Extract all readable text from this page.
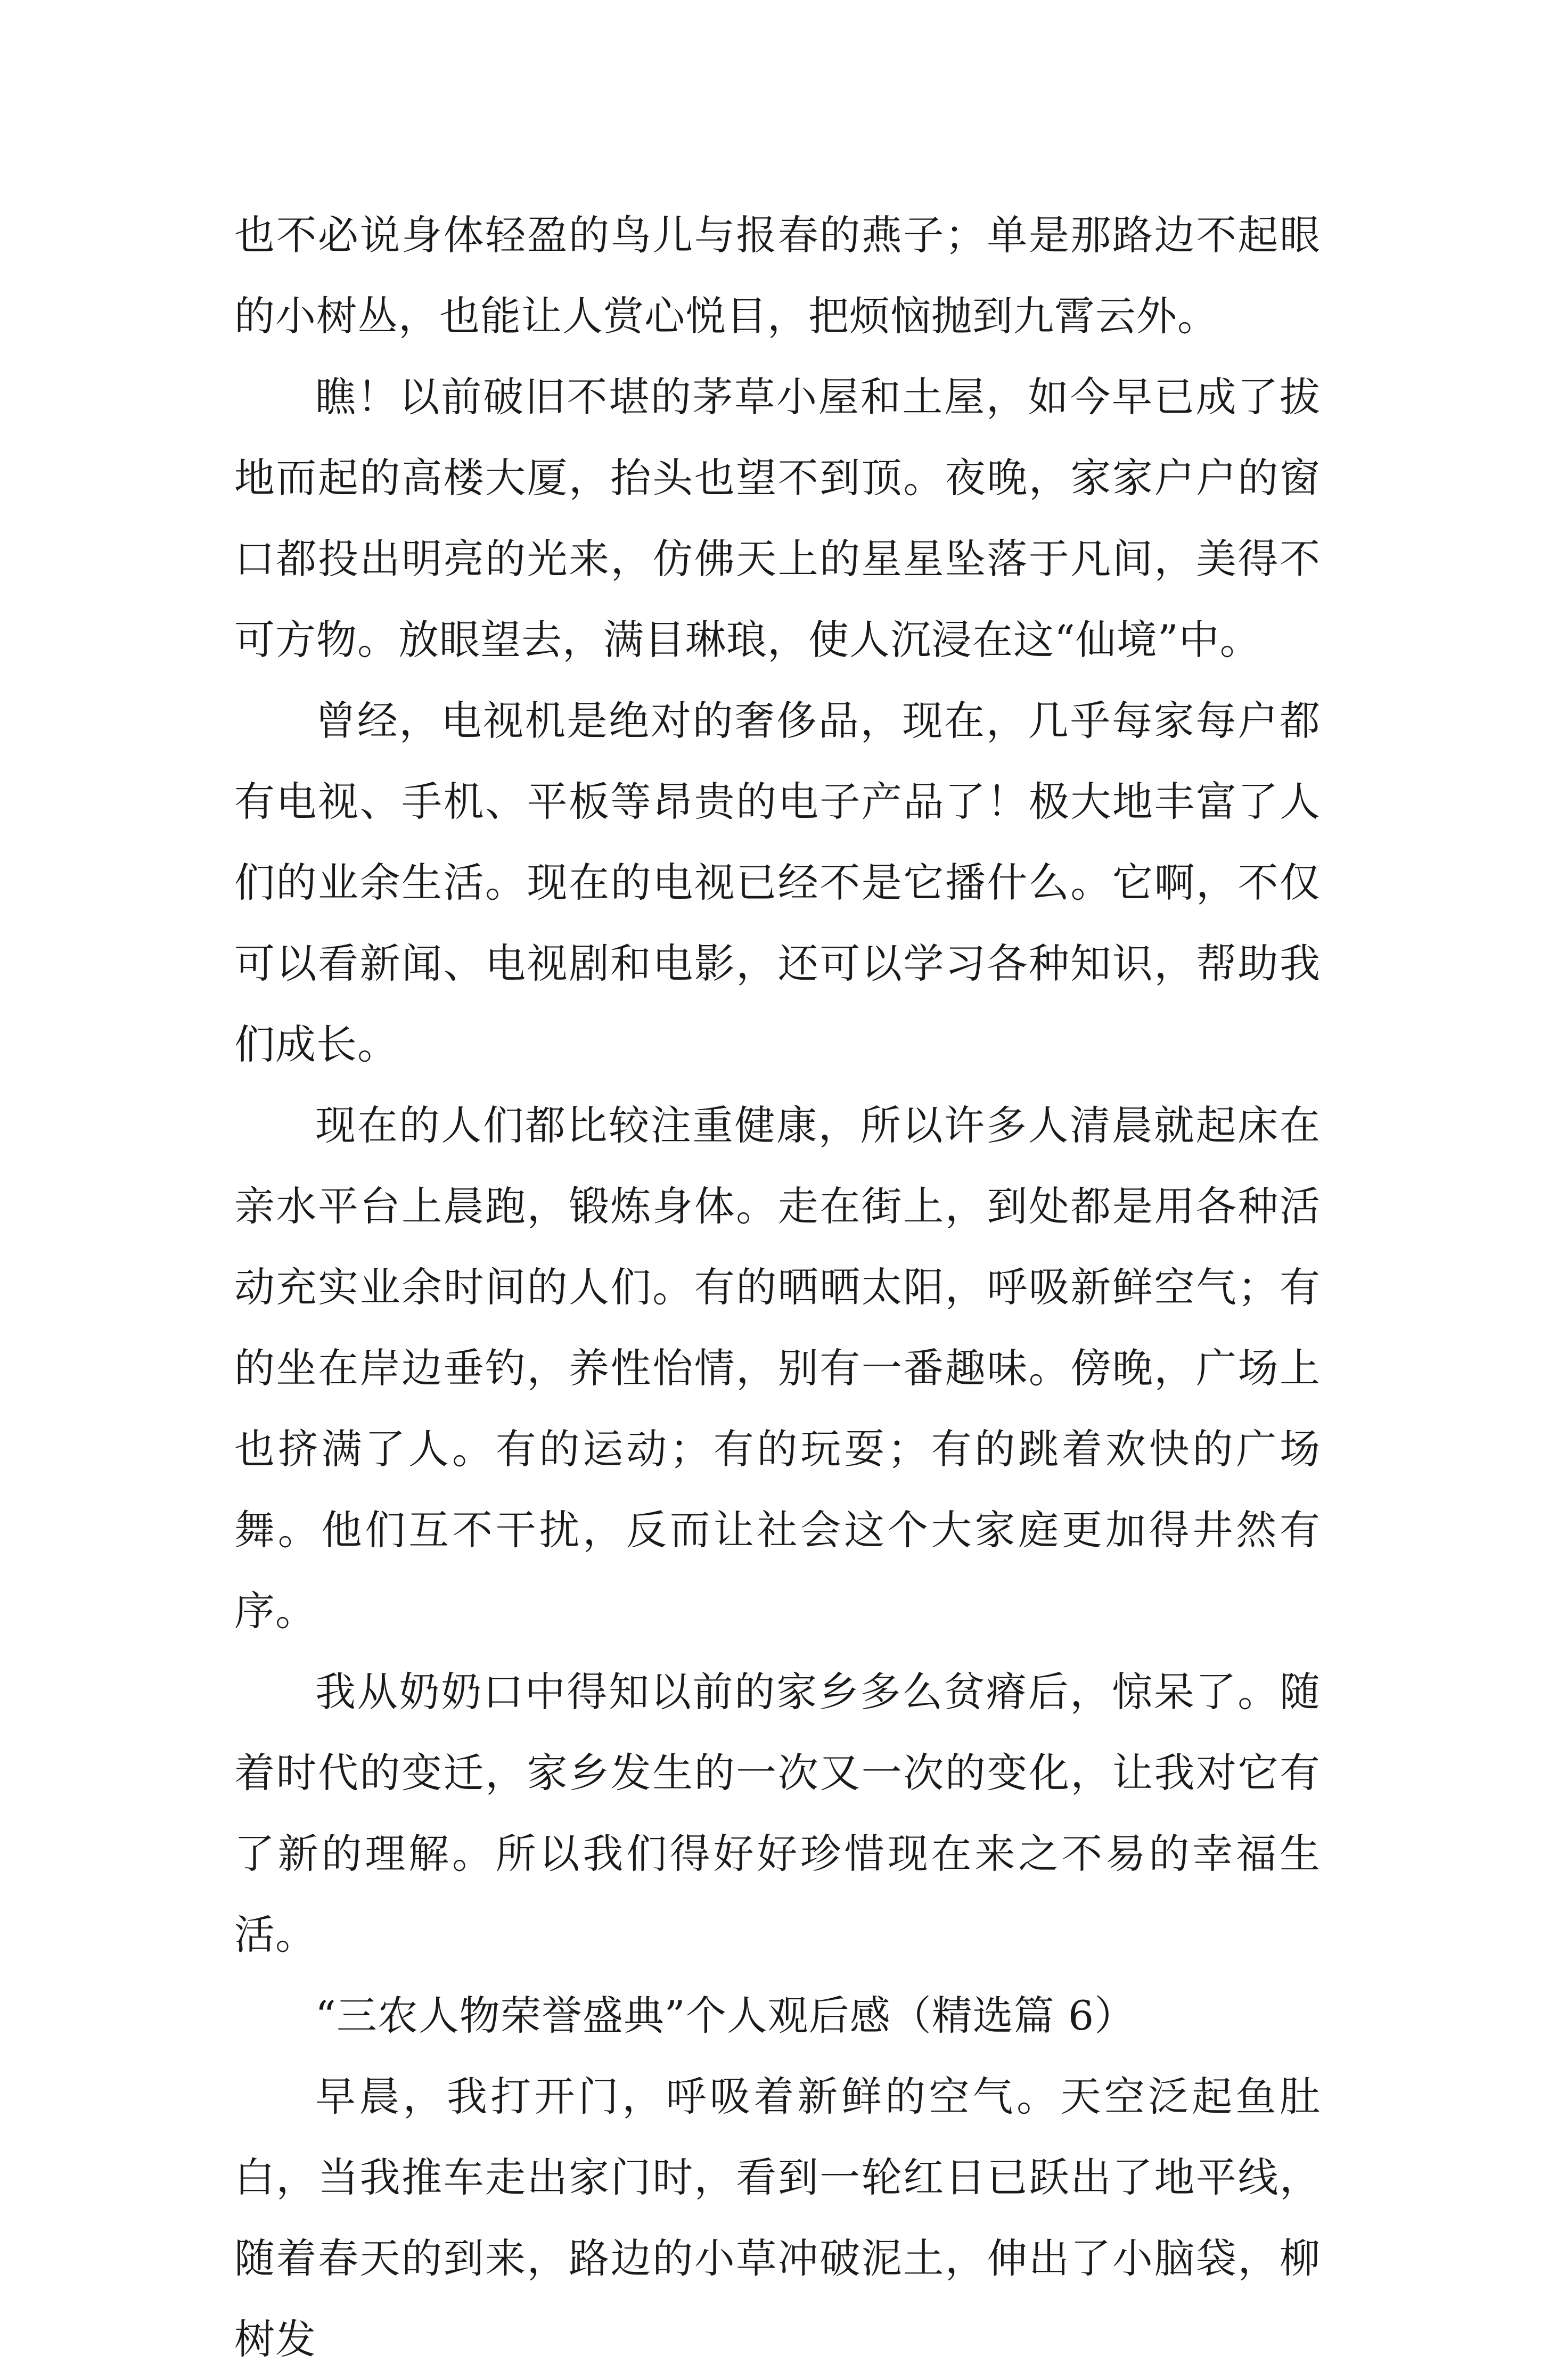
也不必说身体轻盈的鸟儿与报春的燕子；单是那路边不起眼的小树丛，也能让人赏心悦目，把烦恼抛到九霄云外。

瞧！以前破旧不堪的茅草小屋和土屋，如今早已成了拔地而起的高楼大厦，抬头也望不到顶。夜晚，家家户户的窗口都投出明亮的光来，仿佛天上的星星坠落于凡间，美得不可方物。放眼望去，满目琳琅，使人沉浸在这“仙境”中。

曾经，电视机是绝对的奢侈品，现在，几乎每家每户都有电视、手机、平板等昂贵的电子产品了！极大地丰富了人们的业余生活。现在的电视已经不是它播什么。它啊，不仅可以看新闻、电视剧和电影，还可以学习各种知识，帮助我们成长。

现在的人们都比较注重健康，所以许多人清晨就起床在亲水平台上晨跑，锻炼身体。走在街上，到处都是用各种活动充实业余时间的人们。有的晒晒太阳，呼吸新鲜空气；有的坐在岸边垂钓，养性怡情，别有一番趣味。傍晚，广场上也挤满了人。有的运动；有的玩耍；有的跳着欢快的广场舞。他们互不干扰，反而让社会这个大家庭更加得井然有序。

我从奶奶口中得知以前的家乡多么贫瘠后，惊呆了。随着时代的变迁，家乡发生的一次又一次的变化，让我对它有了新的理解。所以我们得好好珍惜现在来之不易的幸福生活。

“三农人物荣誉盛典”个人观后感（精选篇 6）

早晨，我打开门，呼吸着新鲜的空气。天空泛起鱼肚白，当我推车走出家门时，看到一轮红日已跃出了地平线，随着春天的到来，路边的小草冲破泥土，伸出了小脑袋，柳树发
